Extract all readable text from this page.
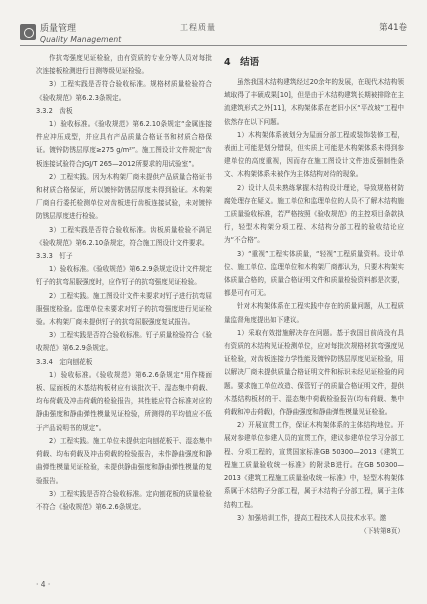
质量管理
Quality Management
工程质量	第41卷

作抗弯强度见证检验，由有资质的专业分等人员对每批次连接板检测进行目测等级见证检验。

3）工程实践是否符合验收标准。规格材质量检验符合《验收规范》第6.2.3条规定。

3.3.2　齿板

1）验收标准。《验收规范》第6.2.10条规定“金属连接件应冲压成型，并应具有产品质量合格证书和材质合格保证。镀锌防锈层厚度≥275 g/m²”。施工图设计文件规定“齿板连接试验符合JGJ/T 265—2012所要求的用试验室”。

2）工程实践。因为木构架厂商未提供产品质量合格证书和材质合格保证，所以镀锌防锈层厚度未得到验证。木构架厂商自行委托检测单位对齿板进行齿板连接试验，未对镀锌防锈层厚度进行检验。

3）工程实践是否符合验收标准。齿板质量检验不满足《验收规范》第6.2.10条规定，符合施工图设计文件要求。

3.3.3　钉子

1）验收标准。《验收规范》第6.2.9条规定设计文件规定钉子的抗弯屈服强度时，应作钉子的抗弯强度见证检验。

2）工程实践。施工图设计文件未要求对钉子进行抗弯屈服强度检验。监理单位未要求对钉子的抗弯强度进行见证检验。木构架厂商未提供钉子的抗弯屈服强度复试报告。

3）工程实践是否符合验收标准。钉子质量检验符合《验收规范》第6.2.9条规定。

3.3.4　定向刨花板

1）验收标准。《验收规范》第6.2.6条规定“用作楼面板、屋面板的木基结构板材应有该批次干、湿态集中荷载、均布荷载及冲击荷载的检验报告，其性能应符合标准对应的静曲强度和静曲弹性模量见证检验，所测得的平均值应不低于产品说明书的规定”。

2）工程实践。施工单位未提供定向刨花板干、湿态集中荷载、均布荷载及冲击荷载的检验报告，未作静曲强度和静曲弹性模量见证检验，未提供静曲强度和静曲弹性模量的复验报告。

3）工程实践是否符合验收标准。定向刨花板的质量检验不符合《验收规范》第6.2.6条规定。

4　结语

虽然我国木结构建筑经过20余年的发展，在现代木结构领域取得了丰硕成果[10]，但是由于木结构建筑长期被排除在主流建筑形式之外[11]，木构架体系在老旧小区“平改坡”工程中依然存在以下问题。

1）木构架体系被划分为屋面分部工程或装饰装修工程，表面上可能是划分错误，但实质上可能是木构架体系未得到参建单位的高度重视，因而存在施工图设计文件违反强制性条文、木构架体系未被作为主体结构对待的现象。

2）设计人员未熟练掌握木结构设计理论，导致规格材防腐处理存在疑义。施工单位和监理单位的人员不了解木结构施工质量验收标准，若严格按照《验收规范》的主控项目条款执行，轻型木构架分项工程、木结构分部工程的验收结论应为“不合格”。

3）“重视”工程实体质量，“轻视”工程质量资料。设计单位、施工单位、监理单位和木构架厂商都认为，只要木构架实体质量合格的，质量合格证明文件和质量检验资料都是次要，都是可有可无。

针对木构架体系在工程实践中存在的质量问题，从工程质量监督角度提出如下建议。

1）采取有效措施解决存在问题。基于我国目前尚没有具有资质的木结构见证检测单位，应对每批次规格材抗弯强度见证检验，对齿板连接力学性能及镀锌防锈层厚度见证检验，用以解决厂商未提供质量合格证明文件和标识未经见证检验的问题。要求施工单位改造、保管钉子的质量合格证明文件，提供木基结构板材的干、湿态集中荷载检验报告(均布荷载、集中荷载和冲击荷载)，作静曲强度和静曲弹性模量见证检验。

2）开展宣贯工作，保证木构架体系的主体结构地位。开展对参建单位参建人员的宣贯工作，建议参建单位学习分部工程、分项工程的，宣贯国家标准GB 50300—2013《建筑工程施工质量验收统一标准》的附录B进行。在GB 50300—2013《建筑工程施工质量验收统一标准》中，轻型木构架体系属于木结构子分部工程，属于木结构子分部工程，属于主体结构工程。

3）加强培训工作，提高工程技术人员技术水平。邀

（下转第8页）
· 4 ·
